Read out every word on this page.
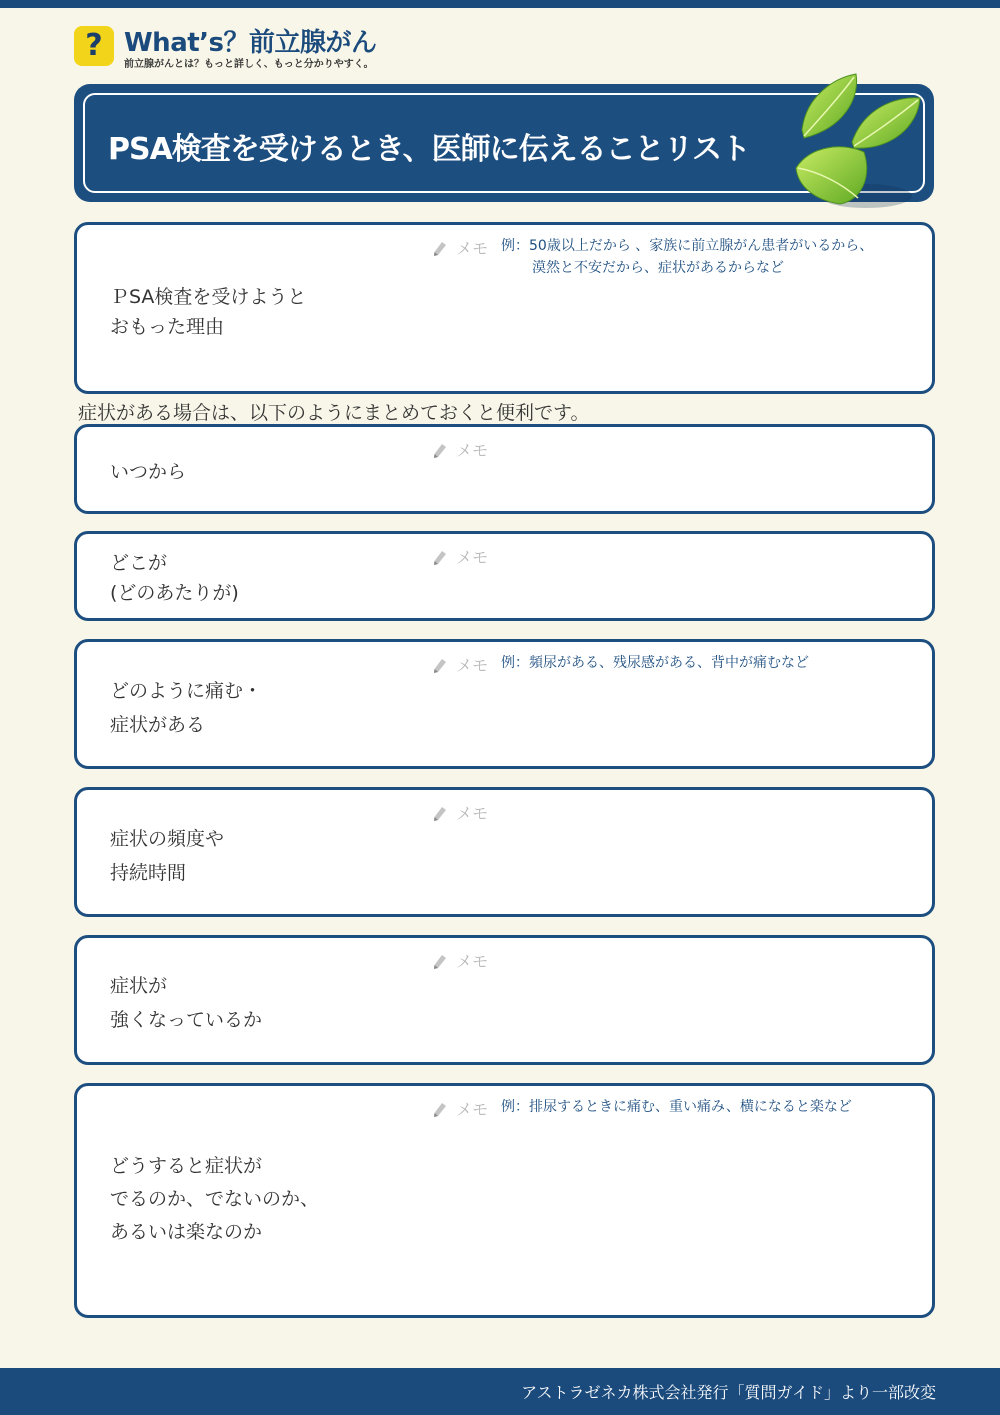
? What’s？前立腺がん
前立腺がんとは？もっと詳しく、もっと分かりやすく。
PSA検査を受けるとき、医師に伝えることリスト
メモ 例：50歳以上だから 、家族に前立腺がん患者がいるから、
漠然と不安だから、症状があるからなど
ＰSA検査を受けようと
おもった理由
症状がある場合は、以下のようにまとめておくと便利です。
メモ
いつから
メモ
どこが
(どのあたりが)
メモ 例：頻尿がある、残尿感がある、背中が痛むなど
どのように痛む・
症状がある
メモ
症状の頻度や
持続時間
メモ
症状が
強くなっているか
メモ 例：排尿するときに痛む、重い痛み、横になると楽など
どうすると症状が
でるのか、でないのか、
あるいは楽なのか
アストラゼネカ株式会社発行「質問ガイド」より一部改変
